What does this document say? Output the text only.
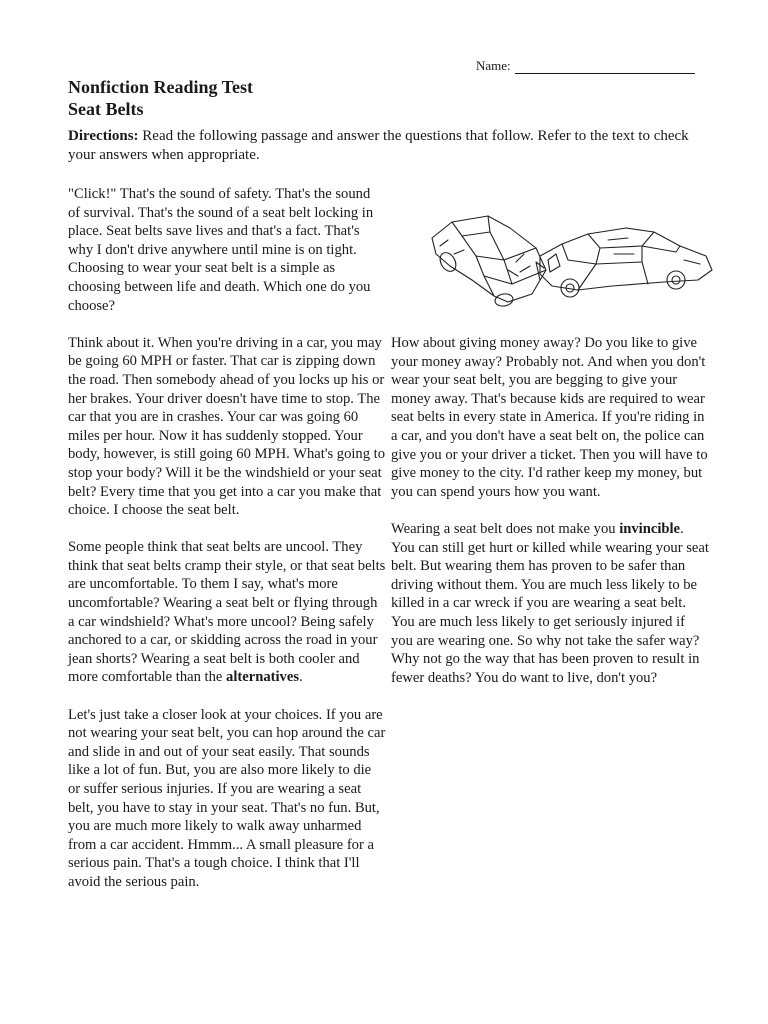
Name:
Nonfiction Reading Test
Seat Belts

Directions: Read the following passage and answer the questions that follow. Refer to the text to check your answers when appropriate.

"Click!" That's the sound of safety. That's the sound of survival. That's the sound of a seat belt locking in place. Seat belts save lives and that's a fact. That's why I don't drive anywhere until mine is on tight. Choosing to wear your seat belt is a simple as choosing between life and death. Which one do you choose?

Think about it. When you're driving in a car, you may be going 60 MPH or faster. That car is zipping down the road. Then somebody ahead of you locks up his or her brakes. Your driver doesn't have time to stop. The car that you are in crashes. Your car was going 60 miles per hour. Now it has suddenly stopped. Your body, however, is still going 60 MPH. What's going to stop your body? Will it be the windshield or your seat belt? Every time that you get into a car you make that choice. I choose the seat belt.

Some people think that seat belts are uncool. They think that seat belts cramp their style, or that seat belts are uncomfortable. To them I say, what's more uncomfortable? Wearing a seat belt or flying through a car windshield? What's more uncool? Being safely anchored to a car, or skidding across the road in your jean shorts? Wearing a seat belt is both cooler and more comfortable than the alternatives.

Let's just take a closer look at your choices. If you are not wearing your seat belt, you can hop around the car and slide in and out of your seat easily. That sounds like a lot of fun. But, you are also more likely to die or suffer serious injuries. If you are wearing a seat belt, you have to stay in your seat. That's no fun. But, you are much more likely to walk away unharmed from a car accident. Hmmm... A small pleasure for a serious pain. That's a tough choice. I think that I'll avoid the serious pain.

How about giving money away? Do you like to give your money away? Probably not. And when you don't wear your seat belt, you are begging to give your money away. That's because kids are required to wear seat belts in every state in America. If you're riding in a car, and you don't have a seat belt on, the police can give you or your driver a ticket. Then you will have to give money to the city. I'd rather keep my money, but you can spend yours how you want.

Wearing a seat belt does not make you invincible. You can still get hurt or killed while wearing your seat belt. But wearing them has proven to be safer than driving without them. You are much less likely to be killed in a car wreck if you are wearing a seat belt. You are much less likely to get seriously injured if you are wearing one. So why not take the safer way? Why not go the way that has been proven to result in fewer deaths? You do want to live, don't you?
